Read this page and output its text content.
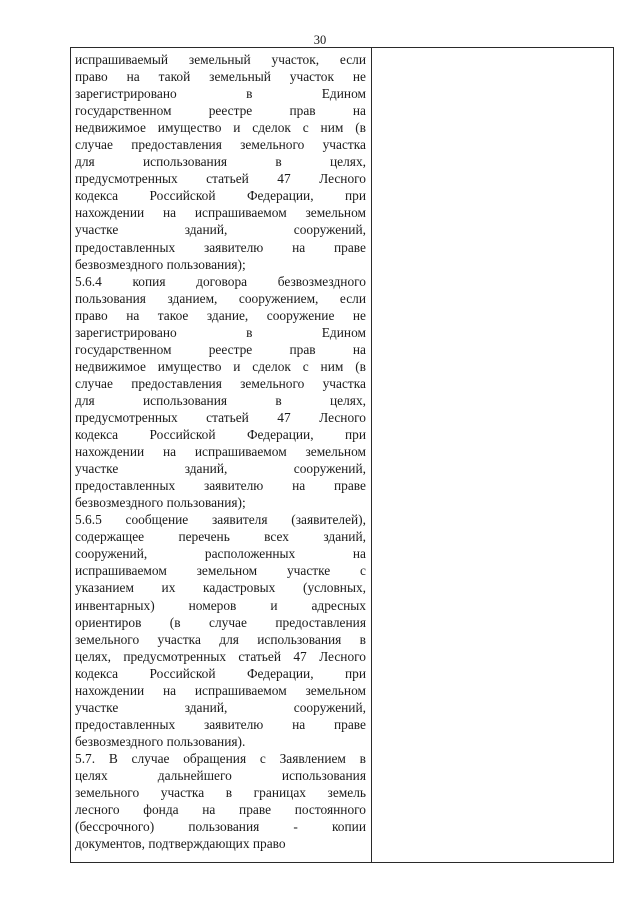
30
испрашиваемый земельный участок, если
право на такой земельный участок не
зарегистрировано в Едином
государственном реестре прав на
недвижимое имущество и сделок с ним (в
случае предоставления земельного участка
для использования в целях,
предусмотренных статьей 47 Лесного
кодекса Российской Федерации, при
нахождении на испрашиваемом земельном
участке зданий, сооружений,
предоставленных заявителю на праве
безвозмездного пользования);
5.6.4 копия договора безвозмездного
пользования зданием, сооружением, если
право на такое здание, сооружение не
зарегистрировано в Едином
государственном реестре прав на
недвижимое имущество и сделок с ним (в
случае предоставления земельного участка
для использования в целях,
предусмотренных статьей 47 Лесного
кодекса Российской Федерации, при
нахождении на испрашиваемом земельном
участке зданий, сооружений,
предоставленных заявителю на праве
безвозмездного пользования);
5.6.5 сообщение заявителя (заявителей),
содержащее перечень всех зданий,
сооружений, расположенных на
испрашиваемом земельном участке с
указанием их кадастровых (условных,
инвентарных) номеров и адресных
ориентиров (в случае предоставления
земельного участка для использования в
целях, предусмотренных статьей 47 Лесного
кодекса Российской Федерации, при
нахождении на испрашиваемом земельном
участке зданий, сооружений,
предоставленных заявителю на праве
безвозмездного пользования).
5.7. В случае обращения с Заявлением в
целях дальнейшего использования
земельного участка в границах земель
лесного фонда на праве постоянного
(бессрочного) пользования - копии
документов, подтверждающих право
